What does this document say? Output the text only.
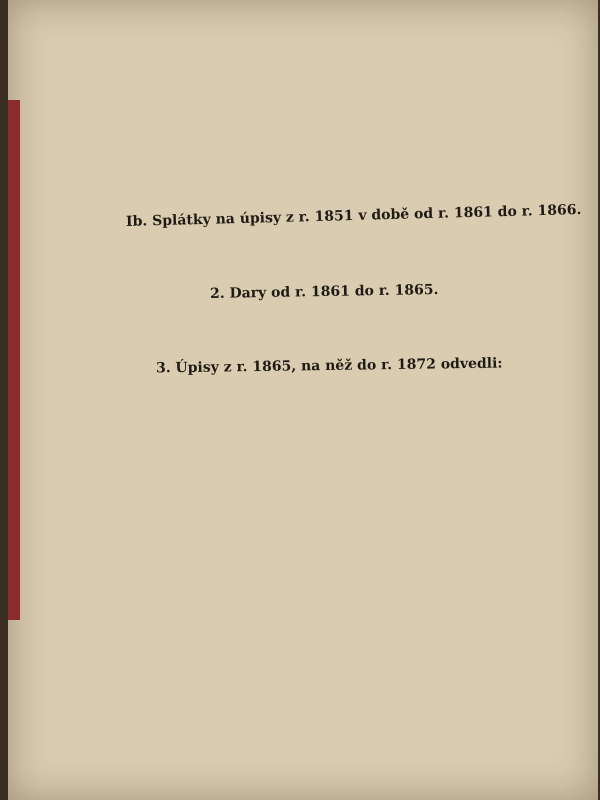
Ib. Splátky na úpisy z r. 1851 v době od r. 1861 do r. 1866.
2. Dary od r. 1861 do r. 1865.
3. Úpisy z r. 1865, na něž do r. 1872 odvedli:
